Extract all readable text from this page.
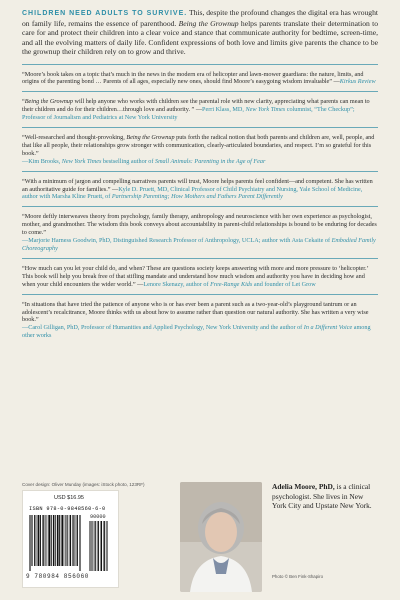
CHILDREN NEED ADULTS TO SURVIVE. This, despite the profound changes the digital era has wrought on family life, remains the essence of parenthood. Being the Grownup helps parents translate their determination to care for and protect their children into a clear voice and stance that communicate authority for bedtime, screen-time, and all the evolving matters of daily life. Confident expressions of both love and limits give parents the chance to be the grownup their children rely on to grow and thrive.

“Moore’s book takes on a topic that’s much in the news in the modern era of helicopter and lawn-mower guardians: the nature, limits, and origins of the parenting bond … Parents of all ages, especially new ones, should find Moore’s easygoing wisdom invaluable” —Kirkus Review

“Being the Grownup will help anyone who works with children see the parental role with new clarity, appreciating what parents can mean to their children and do for their children…through love and authority. ” —Perri Klass, MD, New York Times columnist, “The Checkup”; Professor of Journalism and Pediatrics at New York University

“Well-researched and thought-provoking, Being the Grownup puts forth the radical notion that both parents and children are, well, people, and that like all people, their relationships grow stronger with communication, clearly-articulated boundaries, and respect. I’m so grateful for this book.”
—Kim Brooks, New York Times bestselling author of Small Animals: Parenting in the Age of Fear

“With a minimum of jargon and compelling narratives parents will trust, Moore helps parents feel confident—and competent. She has written an authoritative guide for families.” —Kyle D. Pruett, MD, Clinical Professor of Child Psychiatry and Nursing, Yale School of Medicine, author with Marsha Kline Pruett, of Partnership Parenting; How Mothers and Fathers Parent Differently

“Moore deftly interweaves theory from psychology, family therapy, anthropology and neuroscience with her own experience as psychologist, mother, and grandmother. The wisdom this book conveys about accountability in parent-child relationships is bound to be enduring for decades to come.”
—Marjorie Harness Goodwin, PhD, Distinguished Research Professor of Anthropology, UCLA; author with Asta Cekaite of Embodied Family Choreography

“How much can you let your child do, and when? These are questions society keeps answering with more and more pressure to ‘helicopter.’ This book will help you break free of that stifling mandate and understand how much wisdom and authority you have in deciding how and when your child encounters the wider world.” —Lenore Skenazy, author of Free-Range Kids and founder of Let Grow

“In situations that have tried the patience of anyone who is or has ever been a parent such as a two-year-old’s playground tantrum or an adolescent’s recalcitrance, Moore thinks with us about how to assume rather than question our natural authority. She has written a very wise book.”
—Carol Gilligan, PhD, Professor of Humanities and Applied Psychology, New York University and the author of In a Different Voice among other works

Cover design: Oliver Munday (images: iStock photo, 123RF)
USD $16.95
ISBN 978-0-9848560-6-0
90000
9 780984 856060
Adelia Moore, PhD, is a clinical psychologist. She lives in New York City and Upstate New York.
Photo © Ben Fink-Shapiro
